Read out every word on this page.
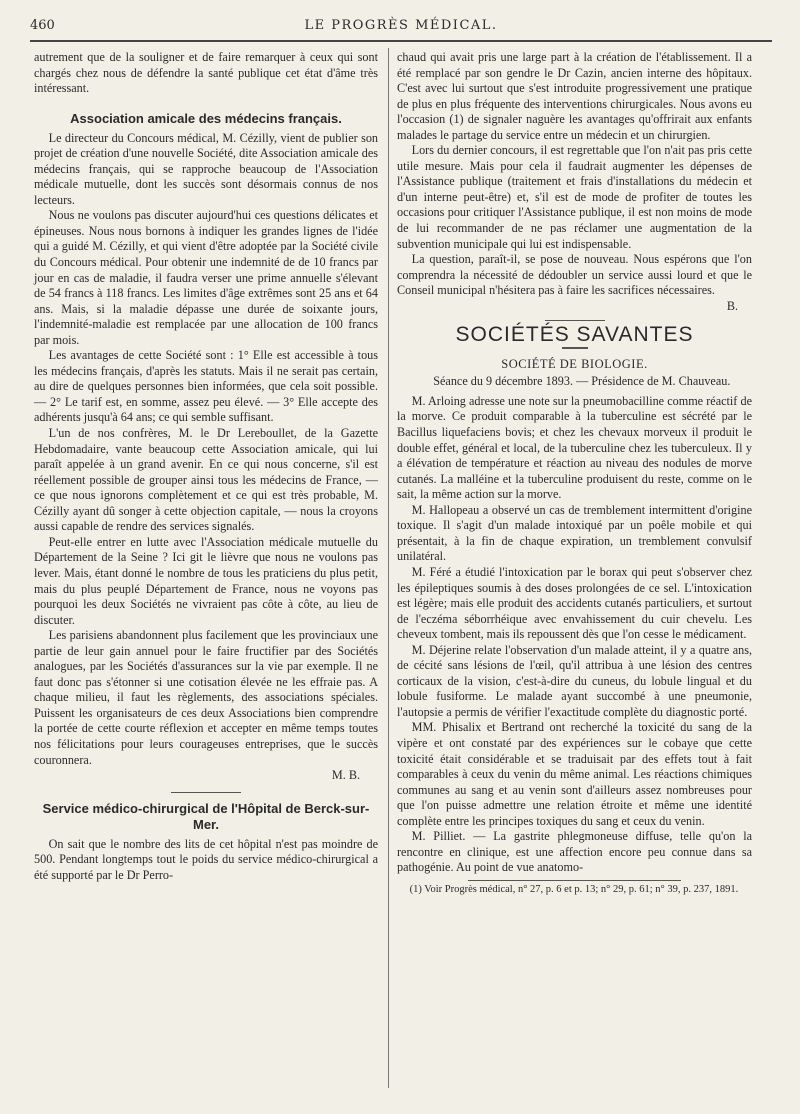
460	LE PROGRÈS MÉDICAL.

autrement que de la souligner et de faire remarquer à ceux qui sont chargés chez nous de défendre la santé publique cet état d'âme très intéressant.

Association amicale des médecins français.

Le directeur du Concours médical, M. Cézilly, vient de publier son projet de création d'une nouvelle Société, dite Association amicale des médecins français, qui se rapproche beaucoup de l'Association médicale mutuelle, dont les succès sont désormais connus de nos lecteurs.

Nous ne voulons pas discuter aujourd'hui ces questions délicates et épineuses. Nous nous bornons à indiquer les grandes lignes de l'idée qui a guidé M. Cézilly, et qui vient d'être adoptée par la Société civile du Concours médical. Pour obtenir une indemnité de de 10 francs par jour en cas de maladie, il faudra verser une prime annuelle s'élevant de 54 francs à 118 francs. Les limites d'âge extrêmes sont 25 ans et 64 ans. Mais, si la maladie dépasse une durée de soixante jours, l'indemnité-maladie est remplacée par une allocation de 100 francs par mois.

Les avantages de cette Société sont : 1° Elle est accessible à tous les médecins français, d'après les statuts. Mais il ne serait pas certain, au dire de quelques personnes bien informées, que cela soit possible. — 2° Le tarif est, en somme, assez peu élevé. — 3° Elle accepte des adhérents jusqu'à 64 ans; ce qui semble suffisant.

L'un de nos confrères, M. le Dr Lereboullet, de la Gazette Hebdomadaire, vante beaucoup cette Association amicale, qui lui paraît appelée à un grand avenir. En ce qui nous concerne, s'il est réellement possible de grouper ainsi tous les médecins de France, — ce que nous ignorons complètement et ce qui est très probable, M. Cézilly ayant dû songer à cette objection capitale, — nous la croyons aussi capable de rendre des services signalés.

Peut-elle entrer en lutte avec l'Association médicale mutuelle du Département de la Seine ? Ici git le lièvre que nous ne voulons pas lever. Mais, étant donné le nombre de tous les praticiens du plus petit, mais du plus peuplé Département de France, nous ne voyons pas pourquoi les deux Sociétés ne vivraient pas côte à côte, au lieu de discuter.

Les parisiens abandonnent plus facilement que les provinciaux une partie de leur gain annuel pour le faire fructifier par des Sociétés analogues, par les Sociétés d'assurances sur la vie par exemple. Il ne faut donc pas s'étonner si une cotisation élevée ne les effraie pas. A chaque milieu, il faut les règlements, des associations spéciales. Puissent les organisateurs de ces deux Associations bien comprendre la portée de cette courte réflexion et accepter en même temps toutes nos félicitations pour leurs courageuses entreprises, que le succès couronnera.

M. B.

Service médico-chirurgical de l'Hôpital de Berck-sur-Mer.

On sait que le nombre des lits de cet hôpital n'est pas moindre de 500. Pendant longtemps tout le poids du service médico-chirurgical a été supporté par le Dr Perro-

chaud qui avait pris une large part à la création de l'établissement. Il a été remplacé par son gendre le Dr Cazin, ancien interne des hôpitaux. C'est avec lui surtout que s'est introduite progressivement une pratique de plus en plus fréquente des interventions chirurgicales. Nous avons eu l'occasion (1) de signaler naguère les avantages qu'offrirait aux enfants malades le partage du service entre un médecin et un chirurgien.

Lors du dernier concours, il est regrettable que l'on n'ait pas pris cette utile mesure. Mais pour cela il faudrait augmenter les dépenses de l'Assistance publique (traitement et frais d'installations du médecin et d'un interne peut-être) et, s'il est de mode de profiter de toutes les occasions pour critiquer l'Assistance publique, il est non moins de mode de lui recommander de ne pas réclamer une augmentation de la subvention municipale qui lui est indispensable.

La question, paraît-il, se pose de nouveau. Nous espérons que l'on comprendra la nécessité de dédoubler un service aussi lourd et que le Conseil municipal n'hésitera pas à faire les sacrifices nécessaires.

B.

SOCIÉTÉS SAVANTES
SOCIÉTÉ DE BIOLOGIE.

Séance du 9 décembre 1893. — Présidence de M. Chauveau.

M. Arloing adresse une note sur la pneumobacilline comme réactif de la morve. Ce produit comparable à la tuberculine est sécrété par le Bacillus liquefaciens bovis; et chez les chevaux morveux il produit le double effet, général et local, de la tuberculine chez les tuberculeux. Il y a élévation de température et réaction au niveau des nodules de morve cutanés. La malléine et la tuberculine produisent du reste, comme on le sait, la même action sur la morve.

M. Hallopeau a observé un cas de tremblement intermittent d'origine toxique. Il s'agit d'un malade intoxiqué par un poêle mobile et qui présentait, à la fin de chaque expiration, un tremblement convulsif unilatéral.

M. Féré a étudié l'intoxication par le borax qui peut s'observer chez les épileptiques soumis à des doses prolongées de ce sel. L'intoxication est légère; mais elle produit des accidents cutanés particuliers, et surtout de l'eczéma séborrhéique avec envahissement du cuir chevelu. Les cheveux tombent, mais ils repoussent dès que l'on cesse le médicament.

M. Déjerine relate l'observation d'un malade atteint, il y a quatre ans, de cécité sans lésions de l'œil, qu'il attribua à une lésion des centres corticaux de la vision, c'est-à-dire du cuneus, du lobule lingual et du lobule fusiforme. Le malade ayant succombé à une pneumonie, l'autopsie a permis de vérifier l'exactitude complète du diagnostic porté.

MM. Phisalix et Bertrand ont recherché la toxicité du sang de la vipère et ont constaté par des expériences sur le cobaye que cette toxicité était considérable et se traduisait par des effets tout à fait comparables à ceux du venin du même animal. Les réactions chimiques communes au sang et au venin sont d'ailleurs assez nombreuses pour que l'on puisse admettre une relation étroite et même une identité complète entre les principes toxiques du sang et ceux du venin.

M. Pilliet. — La gastrite phlegmoneuse diffuse, telle qu'on la rencontre en clinique, est une affection encore peu connue dans sa pathogénie. Au point de vue anatomo-

(1) Voir Progrès médical, n° 27, p. 6 et p. 13; n° 29, p. 61; n° 39, p. 237, 1891.
